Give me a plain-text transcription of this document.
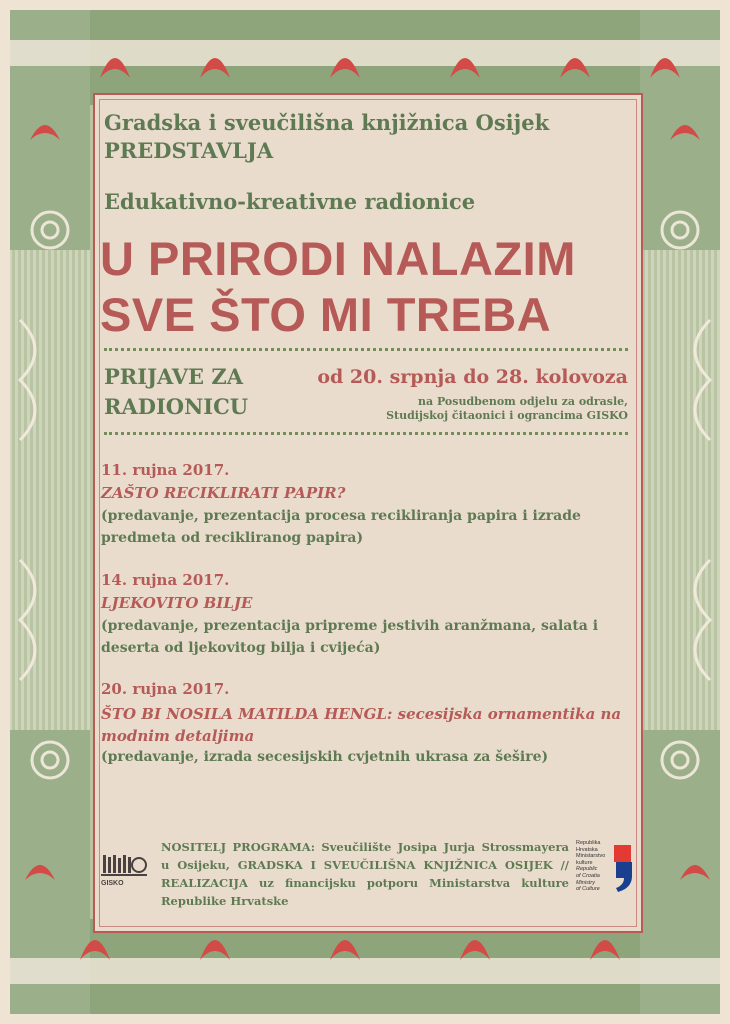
Gradska i sveučilišna knjižnica Osijek
PREDSTAVLJA
Edukativno-kreativne radionice
U PRIRODI NALAZIM
SVE ŠTO MI TREBA
PRIJAVE ZA
RADIONICU
od 20. srpnja do 28. kolovoza
na Posudbenom odjelu za odrasle,
Studijskoj čitaonici i ograncima GISKO
11. rujna 2017.
ZAŠTO RECIKLIRATI PAPIR?
(predavanje, prezentacija procesa recikliranja papira i izrade predmeta od recikliranog papira)
14. rujna 2017.
LJEKOVITO BILJE
(predavanje, prezentacija pripreme jestivih aranžmana, salata i deserta od ljekovitog bilja i cvijeća)
20. rujna 2017.
ŠTO BI NOSILA MATILDA HENGL: secesijska ornamentika na modnim detaljima
(predavanje, izrada secesijskih cvjetnih ukrasa za šešire)
GISKO
NOSITELJ PROGRAMA: Sveučilište Josipa Jurja Strossmayera u Osijeku, GRADSKA I SVEUČILIŠNA KNJIŽNICA OSIJEK // REALIZACIJA uz financijsku potporu Ministarstva kulture Republike Hrvatske
Republika
Hrvatska
Ministarstvo
kulture
Republic
of Croatia
Ministry
of Culture
